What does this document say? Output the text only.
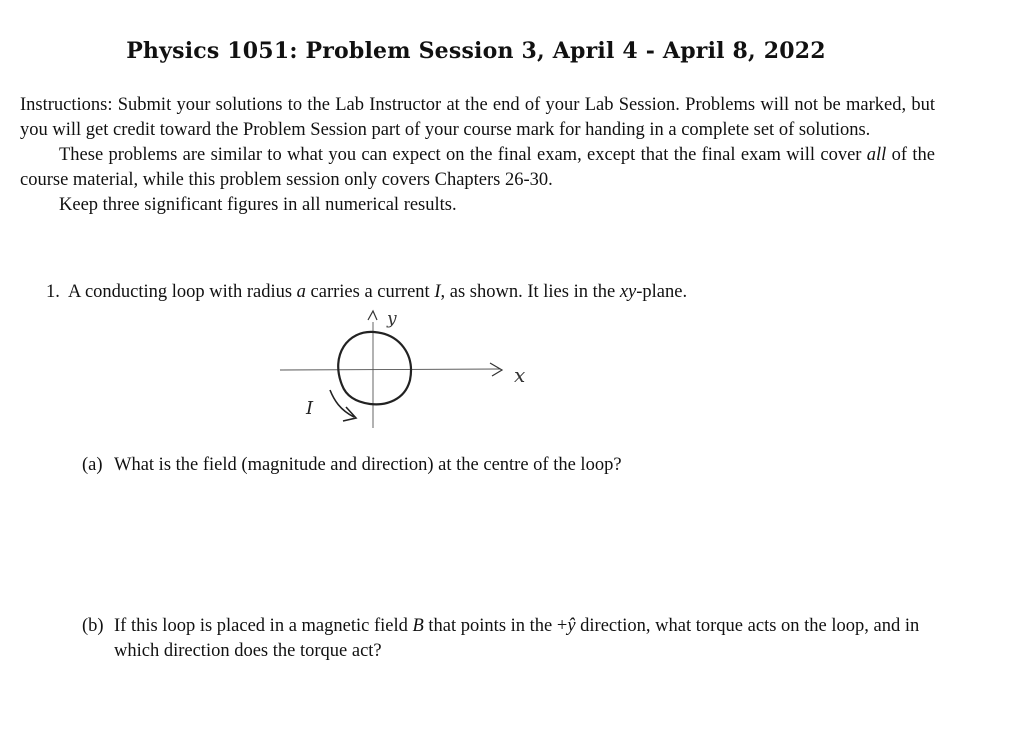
Physics 1051: Problem Session 3, April 4 - April 8, 2022

Instructions: Submit your solutions to the Lab Instructor at the end of your Lab Session. Problems will not be marked, but you will get credit toward the Problem Session part of your course mark for handing in a complete set of solutions.

These problems are similar to what you can expect on the final exam, except that the final exam will cover all of the course material, while this problem session only covers Chapters 26-30.

Keep three significant figures in all numerical results.

1. A conducting loop with radius a carries a current I, as shown. It lies in the xy-plane.
y
x
I
(a) What is the field (magnitude and direction) at the centre of the loop?
(b) If this loop is placed in a magnetic field B that points in the +ŷ direction, what torque acts on the loop, and in which direction does the torque act?
